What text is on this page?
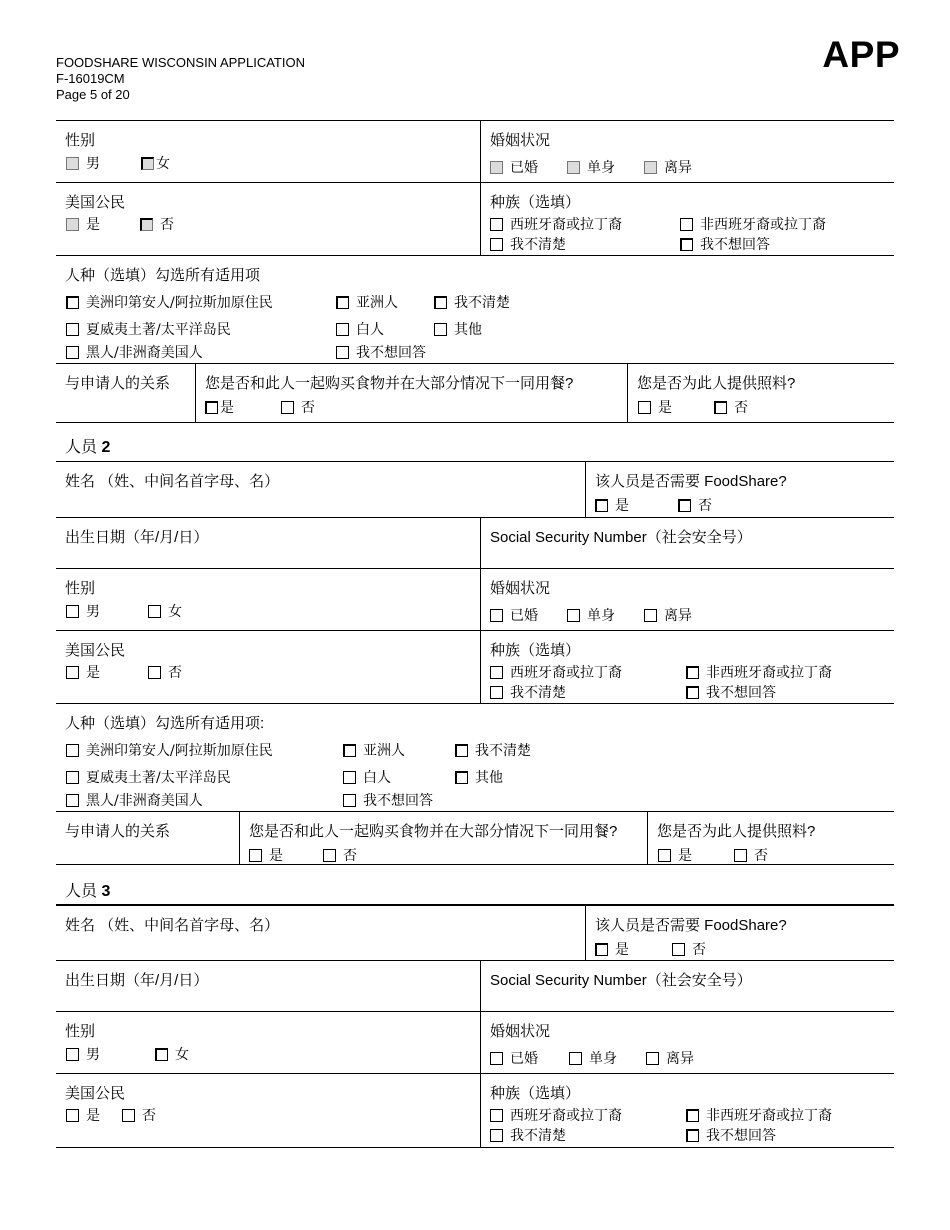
FOODSHARE WISCONSIN APPLICATION
F-16019CM
Page 5 of 20
APP
性别
男	女
婚姻状况
已婚	单身	离异
美国公民
是	否
种族（选填）
西班牙裔或拉丁裔	非西班牙裔或拉丁裔
我不清楚	我不想回答
人种（选填）勾选所有适用项
美洲印第安人/阿拉斯加原住民	亚洲人	我不清楚
夏威夷土著/太平洋岛民	白人	其他
黑人/非洲裔美国人	我不想回答
与申请人的关系 您是否和此人一起购买食物并在大部分情况下一同用餐?
是	否
您是否为此人提供照料?
是	否
人员 2
姓名 （姓、中间名首字母、名）	该人员是否需要 FoodShare?
是	否
出生日期（年/月/日）	Social Security Number（社会安全号）
性别
男	女
婚姻状况
已婚	单身	离异
美国公民
是	否
种族（选填）
西班牙裔或拉丁裔	非西班牙裔或拉丁裔
我不清楚	我不想回答
人种（选填）勾选所有适用项:
美洲印第安人/阿拉斯加原住民	亚洲人	我不清楚
夏威夷土著/太平洋岛民	白人	其他
黑人/非洲裔美国人	我不想回答
与申请人的关系	您是否和此人一起购买食物并在大部分情况下一同用餐?
是	否
您是否为此人提供照料?
是	否
人员 3
姓名 （姓、中间名首字母、名）	该人员是否需要 FoodShare?
是	否
出生日期（年/月/日）	Social Security Number（社会安全号）
性别
男	女
婚姻状况
已婚	单身	离异
美国公民
是	否
种族（选填）
西班牙裔或拉丁裔	非西班牙裔或拉丁裔
我不清楚	我不想回答
